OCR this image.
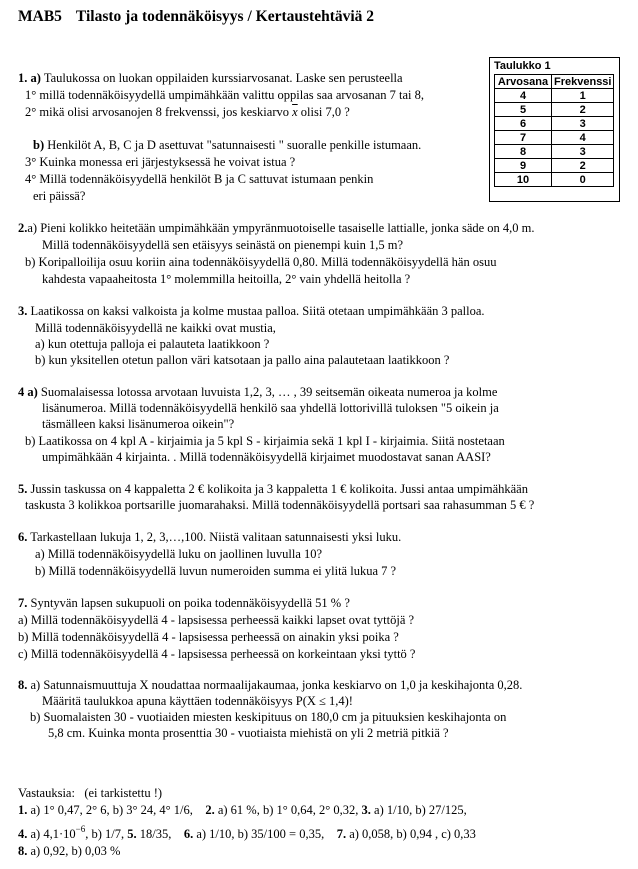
MAB5 Tilasto ja todennäköisyys / Kertaustehtäviä 2
Taulukko 1
Arvosana	Frekvenssi
4	1
5	2
6	3
7	4
8	3
9	2
10	0
1. a) Taulukossa on luokan oppilaiden kurssiarvosanat. Laske sen perusteella
1° millä todennäköisyydellä umpimähkään valittu oppilas saa arvosanan 7 tai 8,
2° mikä olisi arvosanojen 8 frekvenssi, jos keskiarvo $\overline{x}$ olisi 7,0 ?
b) Henkilöt A, B, C ja D asettuvat "satunnaisesti " suoralle penkille istumaan.
3° Kuinka monessa eri järjestyksessä he voivat istua ?
4° Millä todennäköisyydellä henkilöt B ja C sattuvat istumaan penkin
eri päissä?
2.a) Pieni kolikko heitetään umpimähkään ympyränmuotoiselle tasaiselle lattialle, jonka säde on 4,0 m.
Millä todennäköisyydellä sen etäisyys seinästä on pienempi kuin 1,5 m?
b) Koripalloilija osuu koriin aina todennäköisyydellä 0,80. Millä todennäköisyydellä hän osuu
kahdesta vapaaheitosta 1° molemmilla heitoilla, 2° vain yhdellä heitolla ?
3. Laatikossa on kaksi valkoista ja kolme mustaa palloa. Siitä otetaan umpimähkään 3 palloa.
Millä todennäköisyydellä ne kaikki ovat mustia,
a) kun otettuja palloja ei palauteta laatikkoon ?
b) kun yksitellen otetun pallon väri katsotaan ja pallo aina palautetaan laatikkoon ?
4 a) Suomalaisessa lotossa arvotaan luvuista 1,2, 3, … , 39 seitsemän oikeata numeroa ja kolme
lisänumeroa. Millä todennäköisyydellä henkilö saa yhdellä lottorivillä tuloksen "5 oikein ja
täsmälleen kaksi lisänumeroa oikein"?
b) Laatikossa on 4 kpl A - kirjaimia ja 5 kpl S - kirjaimia sekä 1 kpl I - kirjaimia. Siitä nostetaan
umpimähkään 4 kirjainta. . Millä todennäköisyydellä kirjaimet muodostavat sanan AASI?
5. Jussin taskussa on 4 kappaletta 2 € kolikoita ja 3 kappaletta 1 € kolikoita. Jussi antaa umpimähkään
taskusta 3 kolikkoa portsarille juomarahaksi. Millä todennäköisyydellä portsari saa rahasumman 5 € ?
6. Tarkastellaan lukuja 1, 2, 3,…,100. Niistä valitaan satunnaisesti yksi luku.
a) Millä todennäköisyydellä luku on jaollinen luvulla 10?
b) Millä todennäköisyydellä luvun numeroiden summa ei ylitä lukua 7 ?
7. Syntyvän lapsen sukupuoli on poika todennäköisyydellä 51 % ?
a) Millä todennäköisyydellä 4 - lapsisessa perheessä kaikki lapset ovat tyttöjä ?
b) Millä todennäköisyydellä 4 - lapsisessa perheessä on ainakin yksi poika ?
c) Millä todennäköisyydellä 4 - lapsisessa perheessä on korkeintaan yksi tyttö ?
8. a) Satunnaismuuttuja X noudattaa normaalijakaumaa, jonka keskiarvo on 1,0 ja keskihajonta 0,28.
Määritä taulukkoa apuna käyttäen todennäköisyys P(X ≤ 1,4)!
b) Suomalaisten 30 - vuotiaiden miesten keskipituus on 180,0 cm ja pituuksien keskihajonta on
5,8 cm. Kuinka monta prosenttia 30 - vuotiaista miehistä on yli 2 metriä pitkiä ?
Vastauksia: (ei tarkistettu !)
1. a) 1° 0,47, 2° 6, b) 3° 24, 4° 1/6, 2. a) 61 %, b) 1° 0,64, 2° 0,32, 3. a) 1/10, b) 27/125,
4. a) $4,1\cdot 10^{-6}$, b) 1/7, 5. 18/35, 6. a) 1/10, b) 35/100 = 0,35, 7. a) 0,058, b) 0,94 , c) 0,33
8. a) 0,92, b) 0,03 %
